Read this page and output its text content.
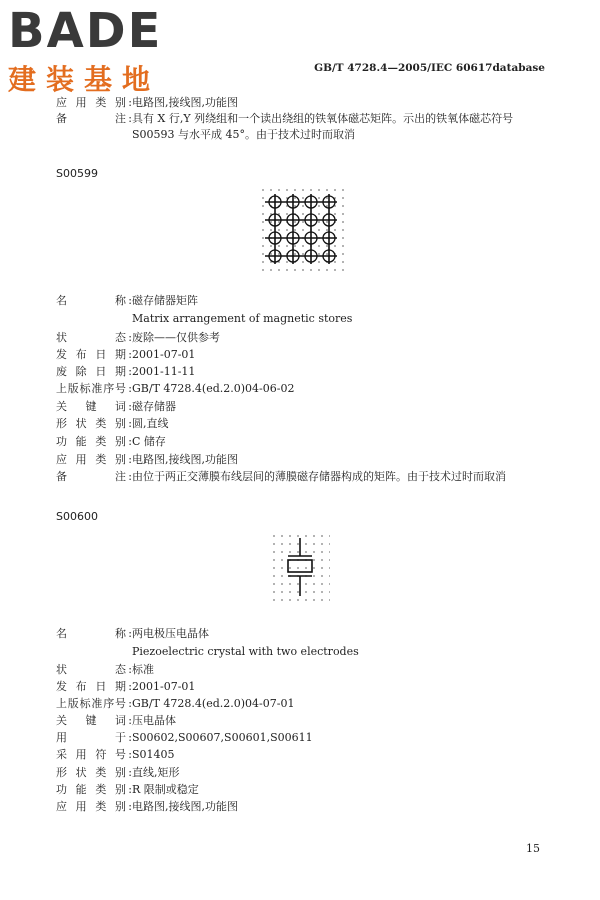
BADE
建装基地	GB/T 4728.4—2005/IEC 60617database
应用类别 : 电路图,接线图,功能图
备注 : 具有 X 行,Y 列绕组和一个读出绕组的铁氧体磁芯矩阵。示出的铁氧体磁芯符号 S00593 与水平成 45°。由于技术过时而取消
S00599
名称 : 磁存储器矩阵
Matrix arrangement of magnetic stores
状态 : 废除——仅供参考
发布日期 : 2001-07-01
废除日期 : 2001-11-11
上版标准序号 : GB/T 4728.4(ed.2.0)04-06-02
关键词 : 磁存储器
形状类别 : 圆,直线
功能类别 : C 储存
应用类别 : 电路图,接线图,功能图
备注 : 由位于两正交薄膜布线层间的薄膜磁存储器构成的矩阵。由于技术过时而取消
S00600
名称 : 两电极压电晶体
Piezoelectric crystal with two electrodes
状态 : 标准
发布日期 : 2001-07-01
上版标准序号 : GB/T 4728.4(ed.2.0)04-07-01
关键词 : 压电晶体
用于 : S00602,S00607,S00601,S00611
采用符号 : S01405
形状类别 : 直线,矩形
功能类别 : R 限制或稳定
应用类别 : 电路图,接线图,功能图
15
